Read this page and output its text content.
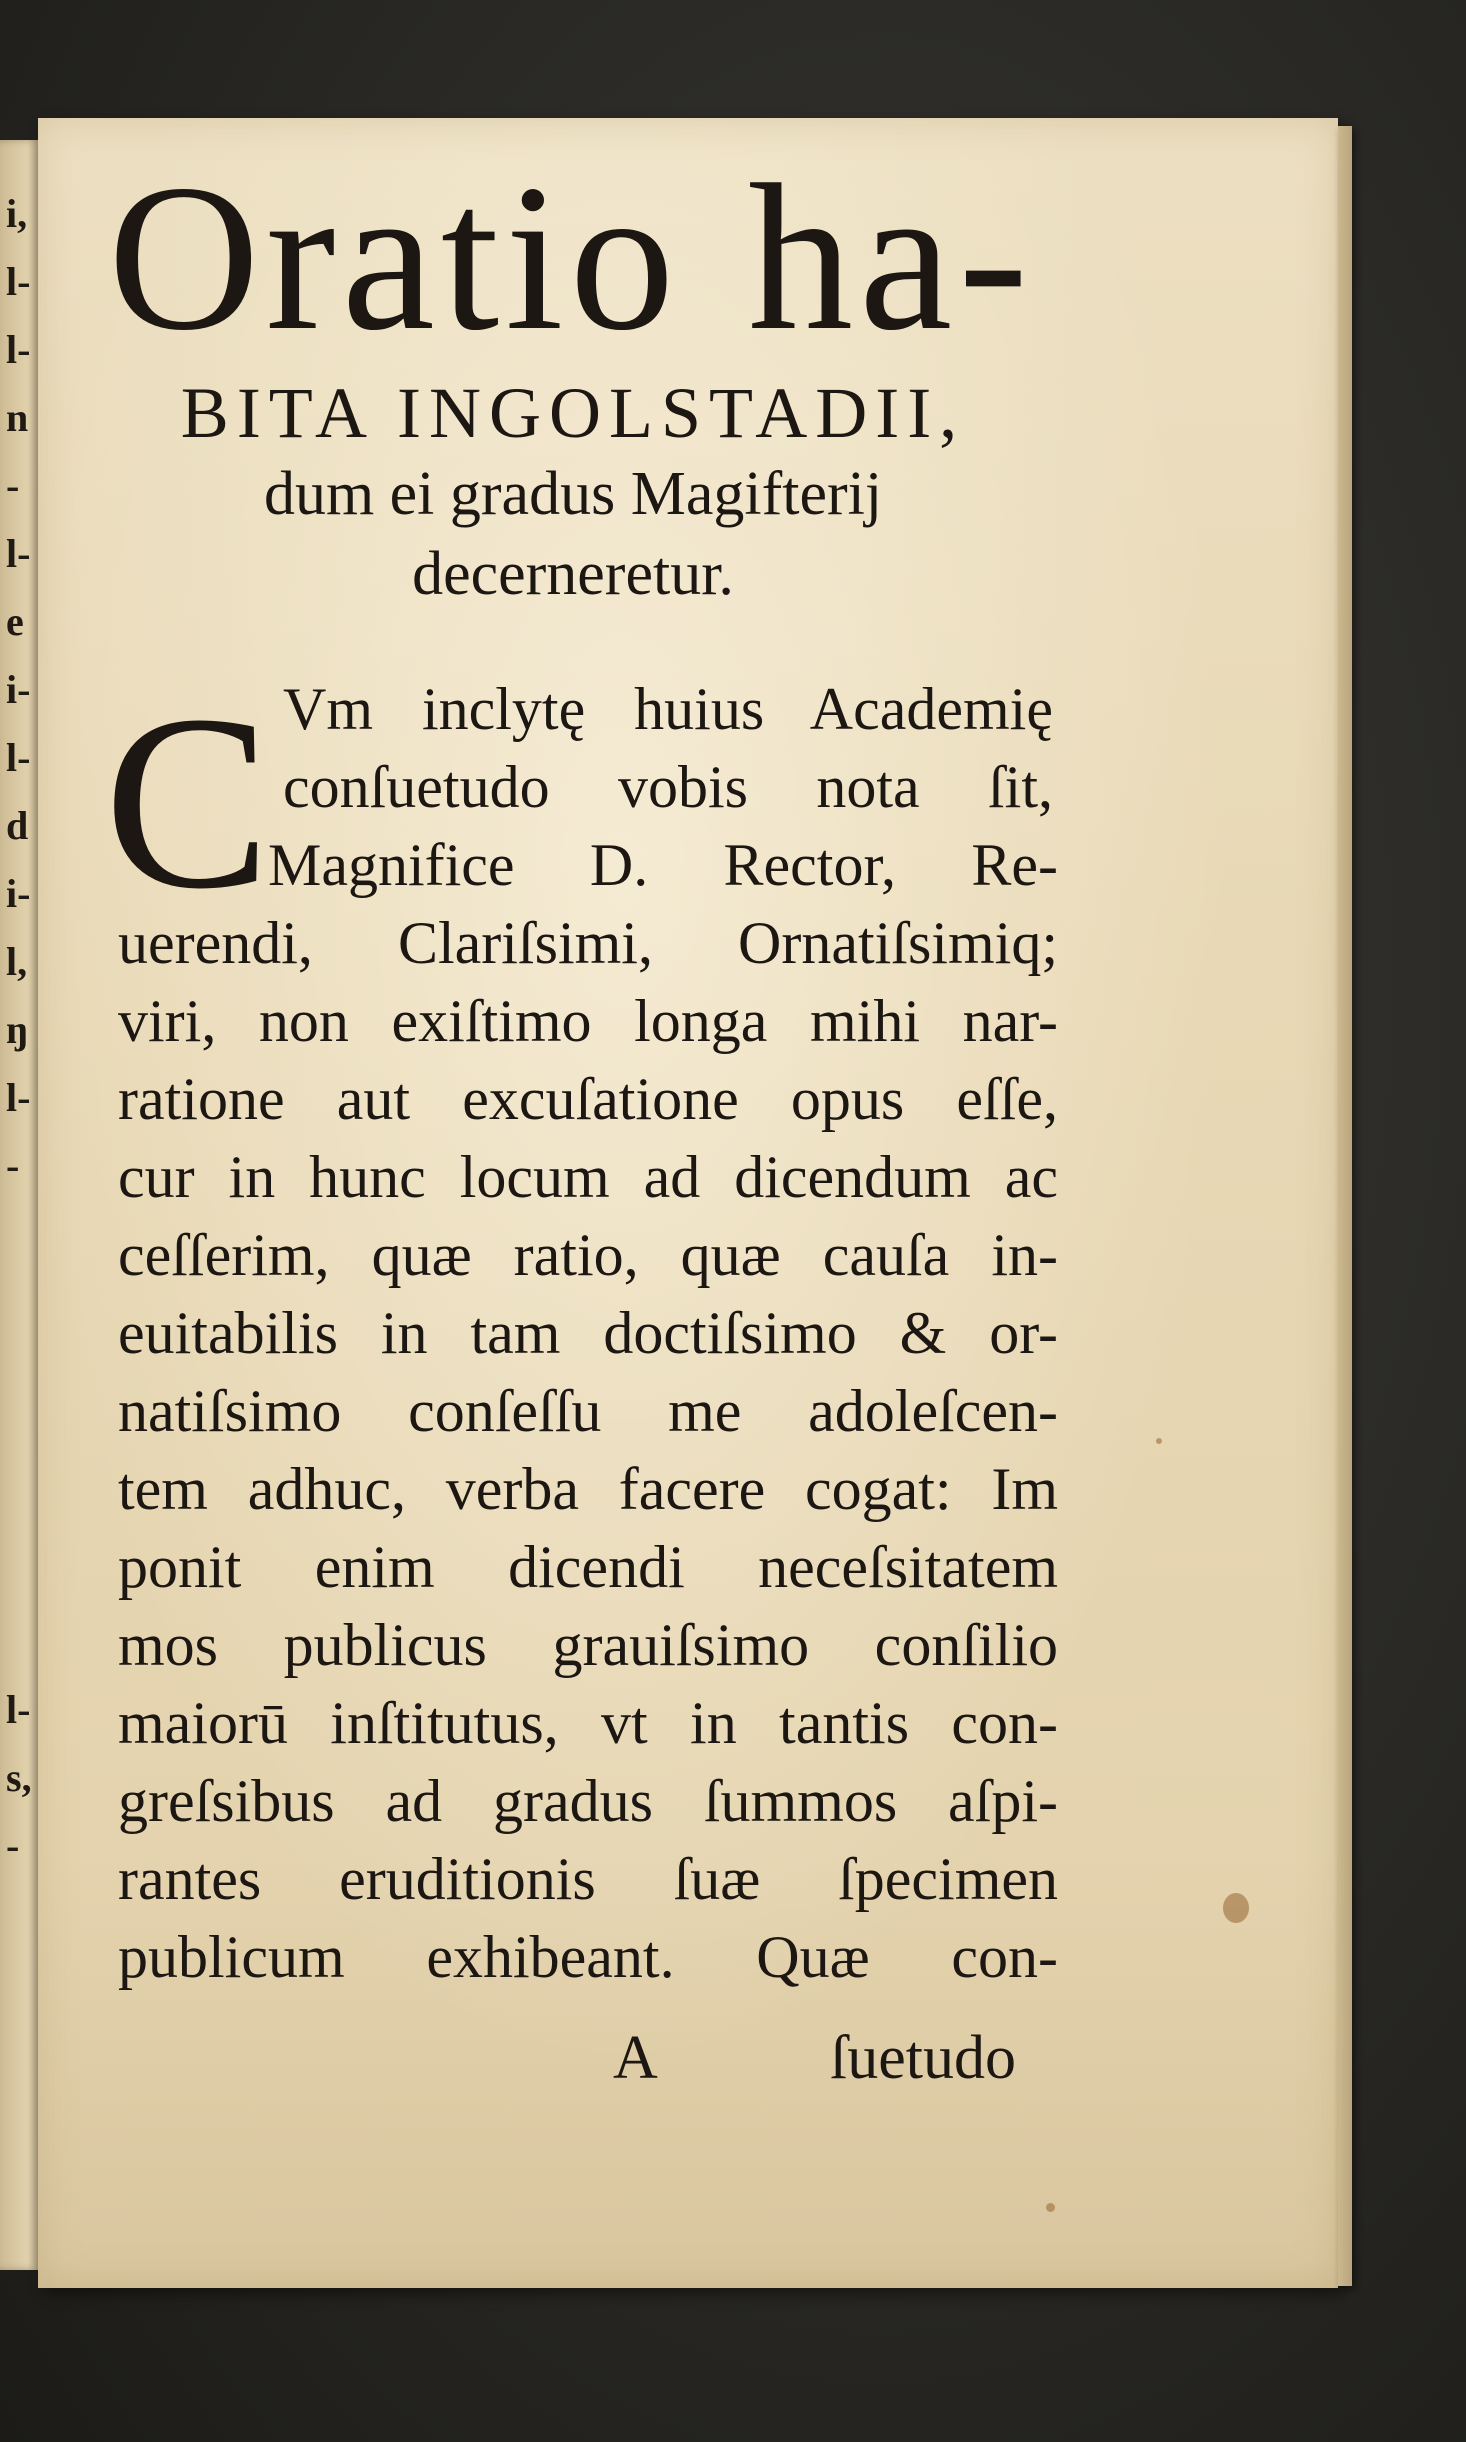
i,
l-
l-
n
-
l-
e
i-
l-
d
i-
l,
ŋ
l-
-
l-
s,
-
Oratio ha-
BITA INGOLSTADII,
dum ei gradus Magifterij
decerneretur.
C Vm inclytę huius Academię
conſuetudo vobis nota ſit,
Magnifice D. Rector, Re-
uerendi, Clariſsimi, Ornatiſsimiq;
viri, non exiſtimo longa mihi nar-
ratione aut excuſatione opus eſſe,
cur in hunc locum ad dicendum ac
ceſſerim, quæ ratio, quæ cauſa in-
euitabilis in tam doctiſsimo & or-
natiſsimo conſeſſu me adoleſcen-
tem adhuc, verba facere cogat: Im
ponit enim dicendi neceſsitatem
mos publicus grauiſsimo conſilio
maiorū inſtitutus, vt in tantis con-
greſsibus ad gradus ſummos aſpi-
rantes eruditionis ſuæ ſpecimen
publicum exhibeant. Quæ con-
A	ſuetudo
